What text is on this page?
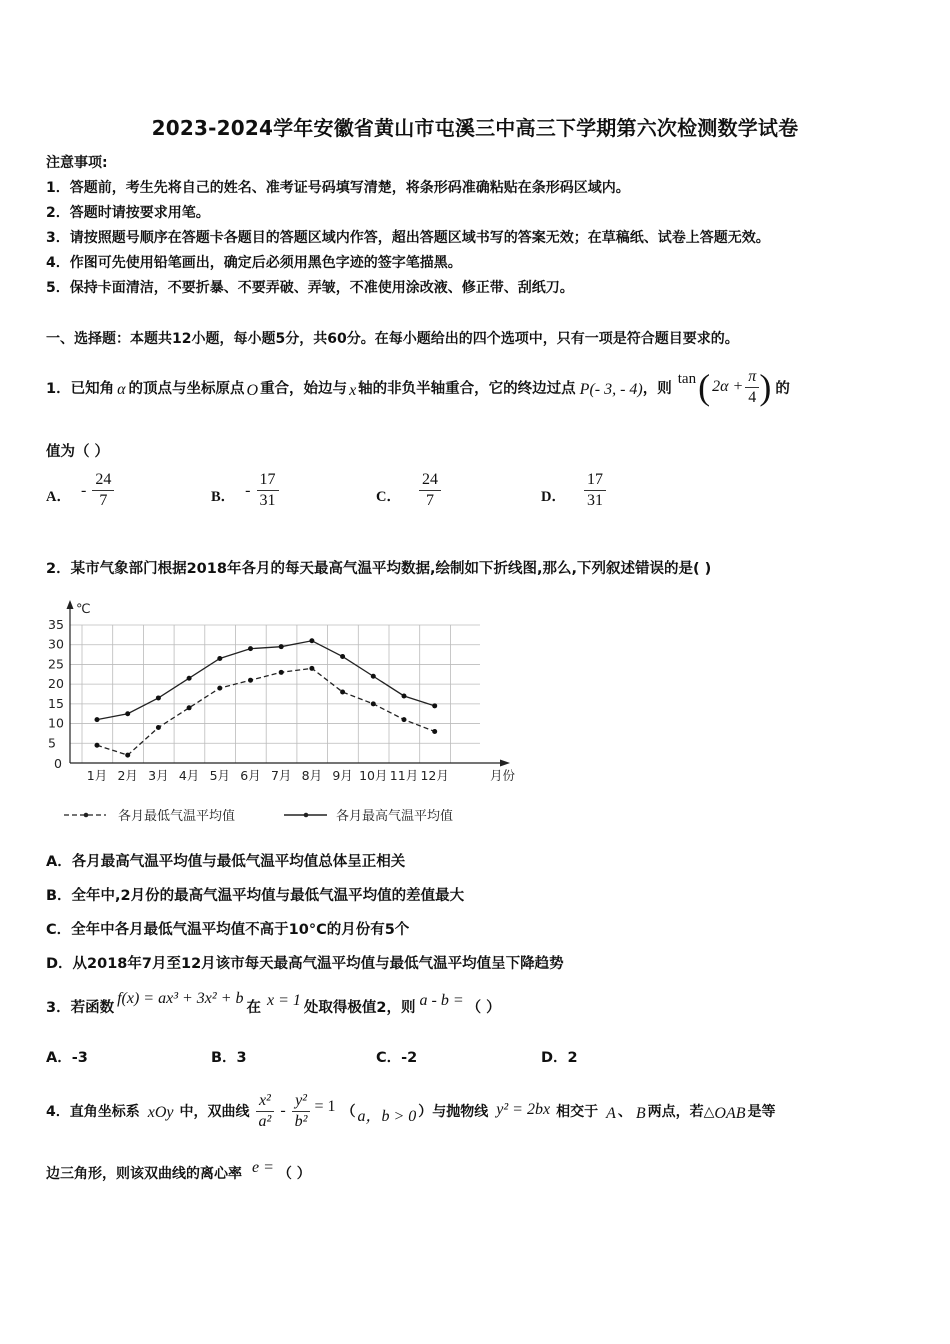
2023-2024学年安徽省黄山市屯溪三中高三下学期第六次检测数学试卷
注意事项:
1．答题前，考生先将自己的姓名、准考证号码填写清楚，将条形码准确粘贴在条形码区域内。
2．答题时请按要求用笔。
3．请按照题号顺序在答题卡各题目的答题区域内作答，超出答题区域书写的答案无效；在草稿纸、试卷上答题无效。
4．作图可先使用铅笔画出，确定后必须用黑色字迹的签字笔描黑。
5．保持卡面清洁，不要折暴、不要弄破、弄皱，不准使用涂改液、修正带、刮纸刀。
一、选择题：本题共12小题，每小题5分，共60分。在每小题给出的四个选项中，只有一项是符合题目要求的。
1．已知角 α 的顶点与坐标原点 O 重合，始边与 x 轴的非负半轴重合，它的终边过点 P(- 3, - 4) ，则
tan ( $2\alpha + \frac{\pi}{4}$ ) 的
值为（ ）
A． - $\frac{24}{7}$	B． - $\frac{17}{31}$	C． $\frac{24}{7}$	D． $\frac{17}{31}$
2．某市气象部门根据2018年各月的每天最高气温平均数据,绘制如下折线图,那么,下列叙述错误的是( )
℃
月份
35
30
25
20
15
10
5
0
1月 2月 3月 4月 5月 6月 7月 8月 9月 10月 11月 12月
各月最低气温平均值	各月最高气温平均值
A．各月最高气温平均值与最低气温平均值总体呈正相关
B．全年中,2月份的最高气温平均值与最低气温平均值的差值最大
C．全年中各月最低气温平均值不高于10°C的月份有5个
D．从2018年7月至12月该市每天最高气温平均值与最低气温平均值呈下降趋势
3．若函数
f(x) = ax³ + 3x² + b
在 x = 1 处取得极值2，则 a - b = （ ）
A．-3	B．3	C．-2	D．2
4．直角坐标系 xOy 中，双曲线 $\frac{\text{x²}}{\text{a²}} - \frac{\text{y²}}{\text{b²}} = 1$ （ a，b > 0 ）与抛物线 y² = 2bx 相交于 A 、 B 两点，若△ OAB 是等
边三角形，则该双曲线的离心率 e = （ ）
